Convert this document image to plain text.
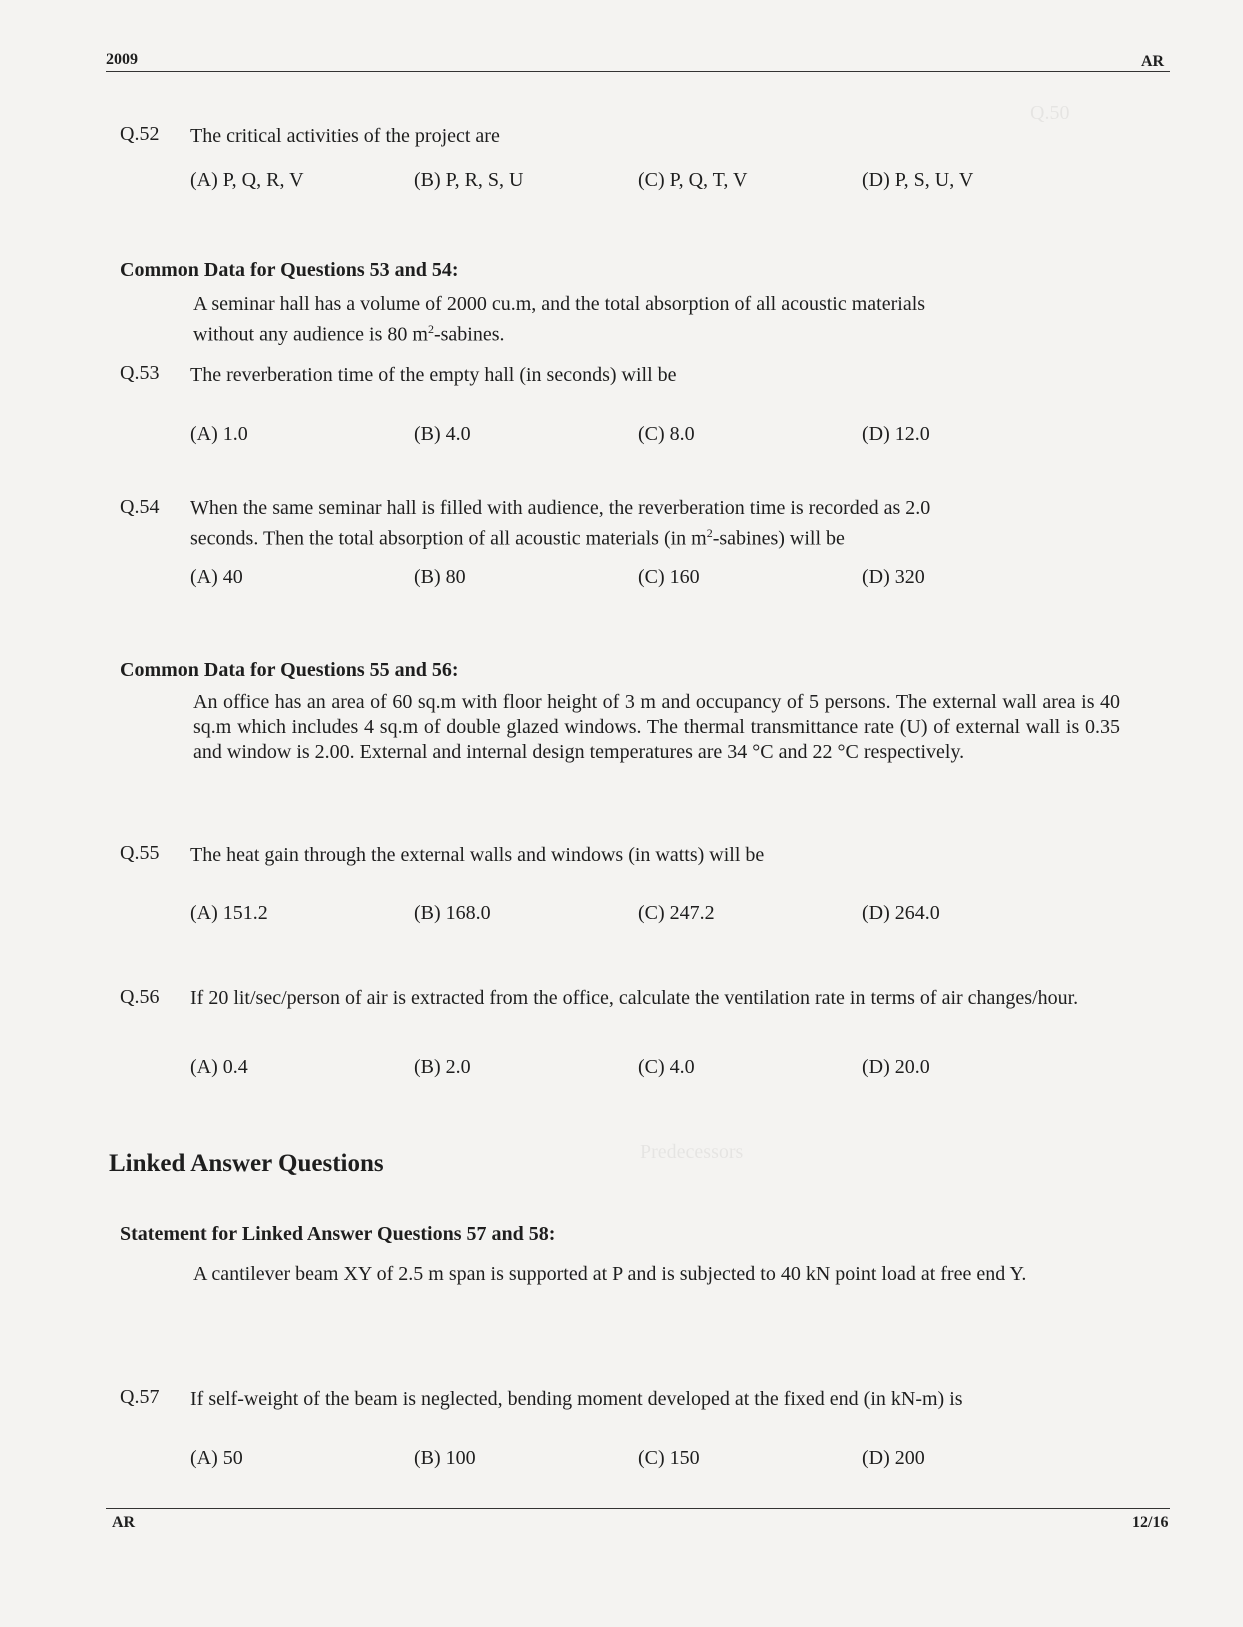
Q.50
Predecessors
2009	AR
Q.52 The critical activities of the project are
(A) P, Q, R, V	(B) P, R, S, U	(C) P, Q, T, V	(D) P, S, U, V
Common Data for Questions 53 and 54:
A seminar hall has a volume of 2000 cu.m, and the total absorption of all acoustic materials
without any audience is 80 $m^2$-sabines.
Q.53 The reverberation time of the empty hall (in seconds) will be
(A) 1.0	(B) 4.0	(C) 8.0	(D) 12.0
Q.54 When the same seminar hall is filled with audience, the reverberation time is recorded as 2.0
seconds. Then the total absorption of all acoustic materials (in $m^2-sabines$) will be
(A) 40	(B) 80	(C) 160	(D) 320
Common Data for Questions 55 and 56:
An office has an area of 60 sq.m with floor height of 3 m and occupancy of 5 persons. The external wall area is 40 sq.m which includes 4 sq.m of double glazed windows. The thermal transmittance rate (U) of external wall is 0.35 and window is 2.00. External and internal design temperatures are 34 °C and 22 °C respectively.
Q.55 The heat gain through the external walls and windows (in watts) will be
(A) 151.2	(B) 168.0	(C) 247.2	(D) 264.0
Q.56 If 20 lit/sec/person of air is extracted from the office, calculate the ventilation rate in terms of air changes/hour.
(A) 0.4	(B) 2.0	(C) 4.0	(D) 20.0
Linked Answer Questions
Statement for Linked Answer Questions 57 and 58:
A cantilever beam XY of 2.5 m span is supported at P and is subjected to 40 kN point load at free end Y.
Q.57 If self-weight of the beam is neglected, bending moment developed at the fixed end (in kN-m) is
(A) 50	(B) 100	(C) 150	(D) 200
AR	12/16
